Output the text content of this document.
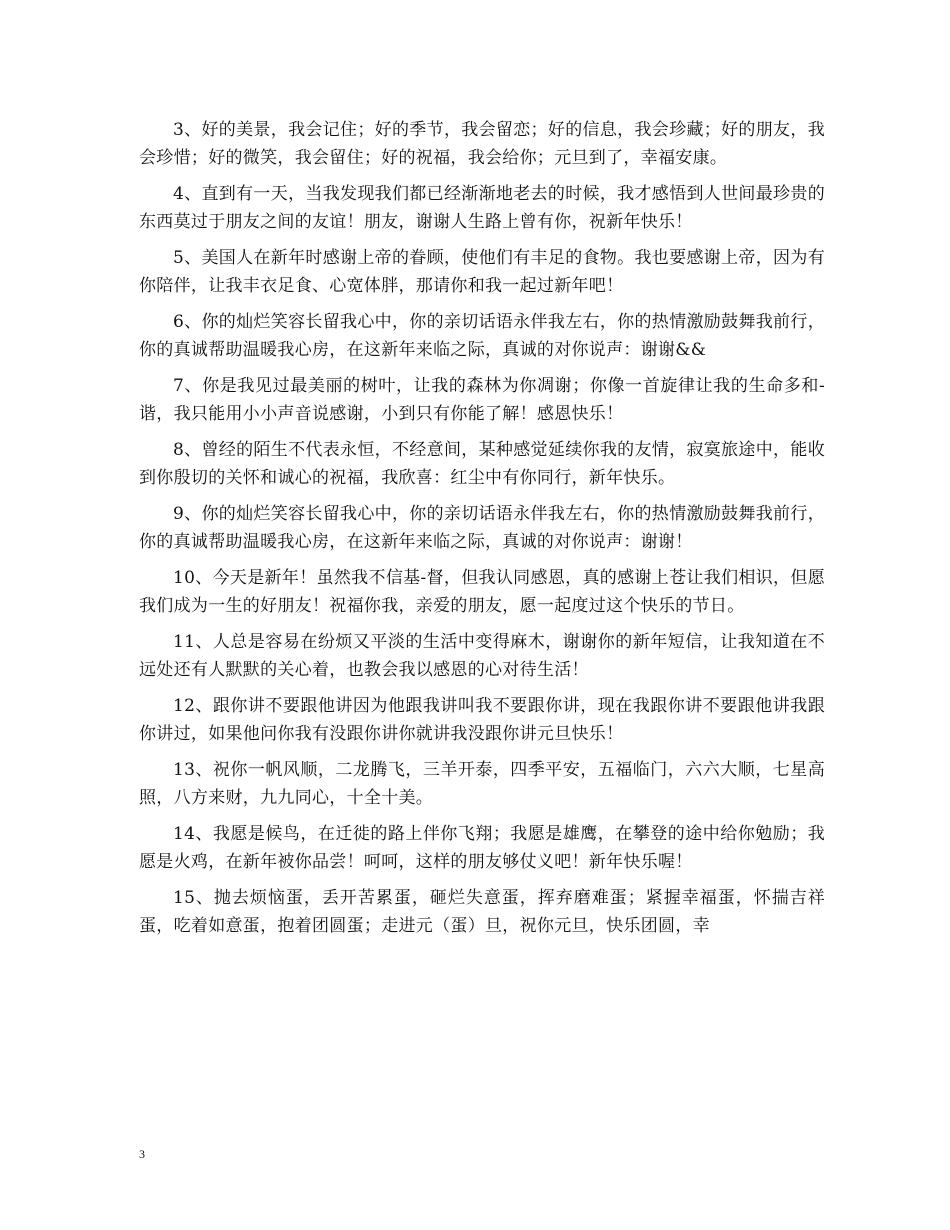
3、好的美景，我会记住；好的季节，我会留恋；好的信息，我会珍藏；好的朋友，我会珍惜；好的微笑，我会留住；好的祝福，我会给你；元旦到了，幸福安康。

4、直到有一天，当我发现我们都已经渐渐地老去的时候，我才感悟到人世间最珍贵的东西莫过于朋友之间的友谊！朋友，谢谢人生路上曾有你，祝新年快乐！

5、美国人在新年时感谢上帝的眷顾，使他们有丰足的食物。我也要感谢上帝，因为有你陪伴，让我丰衣足食、心宽体胖，那请你和我一起过新年吧！

6、你的灿烂笑容长留我心中，你的亲切话语永伴我左右，你的热情激励鼓舞我前行，你的真诚帮助温暖我心房，在这新年来临之际，真诚的对你说声：谢谢&&

7、你是我见过最美丽的树叶，让我的森林为你凋谢；你像一首旋律让我的生命多和-谐，我只能用小小声音说感谢，小到只有你能了解！感恩快乐！

8、曾经的陌生不代表永恒，不经意间，某种感觉延续你我的友情，寂寞旅途中，能收到你殷切的关怀和诚心的祝福，我欣喜：红尘中有你同行，新年快乐。

9、你的灿烂笑容长留我心中，你的亲切话语永伴我左右，你的热情激励鼓舞我前行，你的真诚帮助温暖我心房，在这新年来临之际，真诚的对你说声：谢谢！

10、今天是新年！虽然我不信基-督，但我认同感恩，真的感谢上苍让我们相识，但愿我们成为一生的好朋友！祝福你我，亲爱的朋友，愿一起度过这个快乐的节日。

11、人总是容易在纷烦又平淡的生活中变得麻木，谢谢你的新年短信，让我知道在不远处还有人默默的关心着，也教会我以感恩的心对待生活！

12、跟你讲不要跟他讲因为他跟我讲叫我不要跟你讲，现在我跟你讲不要跟他讲我跟你讲过，如果他问你我有没跟你讲你就讲我没跟你讲元旦快乐！

13、祝你一帆风顺，二龙腾飞，三羊开泰，四季平安，五福临门，六六大顺，七星高照，八方来财，九九同心，十全十美。

14、我愿是候鸟，在迁徙的路上伴你飞翔；我愿是雄鹰，在攀登的途中给你勉励；我愿是火鸡，在新年被你品尝！呵呵，这样的朋友够仗义吧！新年快乐喔！

15、抛去烦恼蛋，丢开苦累蛋，砸烂失意蛋，挥弃磨难蛋；紧握幸福蛋，怀揣吉祥蛋，吃着如意蛋，抱着团圆蛋；走进元（蛋）旦，祝你元旦，快乐团圆，幸

3
